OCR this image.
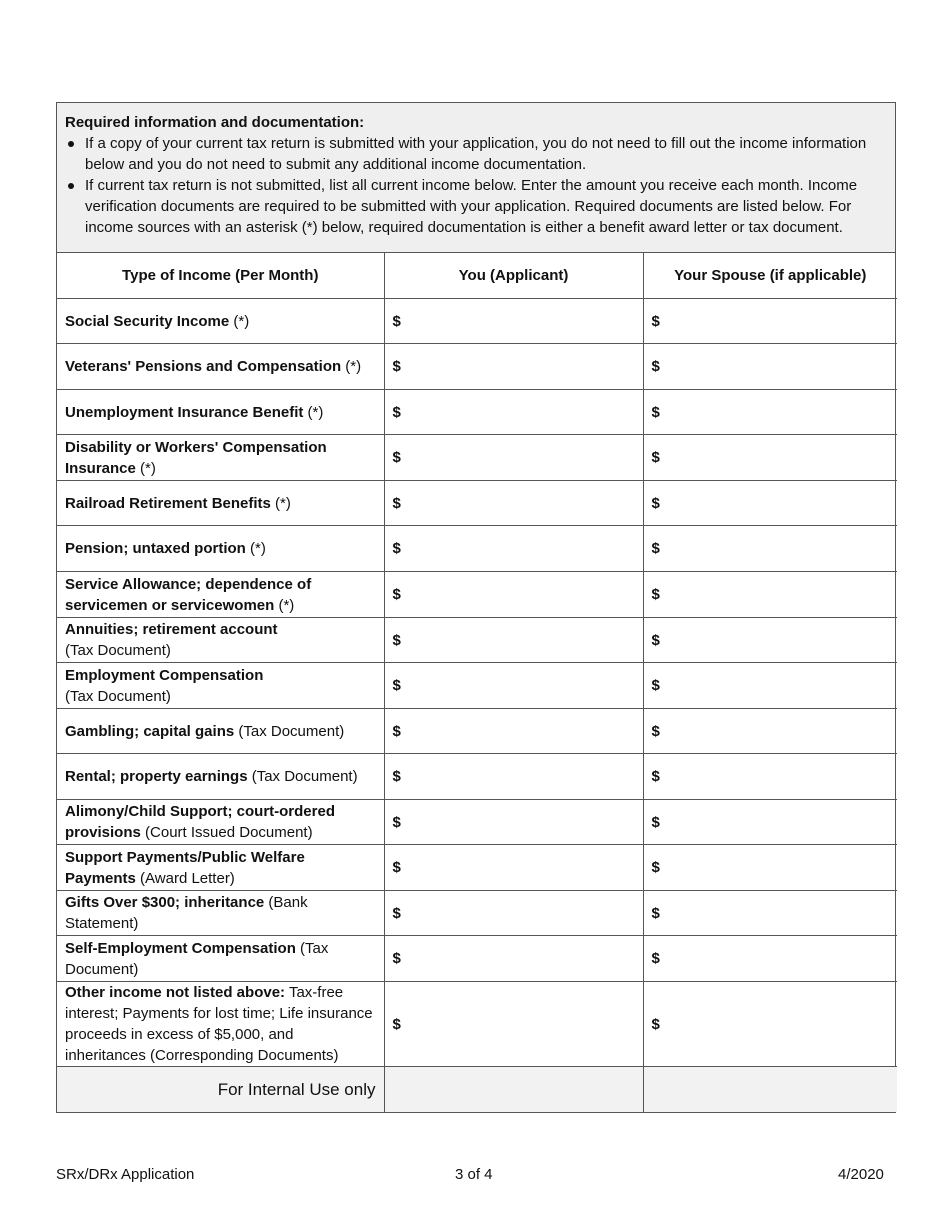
Required information and documentation:
If a copy of your current tax return is submitted with your application, you do not need to fill out the income information below and you do not need to submit any additional income documentation.
If current tax return is not submitted, list all current income below. Enter the amount you receive each month. Income verification documents are required to be submitted with your application. Required documents are listed below. For income sources with an asterisk (*) below, required documentation is either a benefit award letter or tax document.
Type of Income (Per Month)	You (Applicant)	Your Spouse (if applicable)
Social Security Income (*)	$	$
Veterans' Pensions and Compensation (*)	$	$
Unemployment Insurance Benefit (*)	$	$
Disability or Workers' Compensation Insurance (*)	$	$
Railroad Retirement Benefits (*)	$	$
Pension; untaxed portion (*)	$	$
Service Allowance; dependence of servicemen or servicewomen (*)	$	$
Annuities; retirement account
(Tax Document)	$	$
Employment Compensation
(Tax Document)	$	$
Gambling; capital gains (Tax Document)	$	$
Rental; property earnings (Tax Document)	$	$
Alimony/Child Support; court-ordered provisions (Court Issued Document)	$	$
Support Payments/Public Welfare Payments (Award Letter)	$	$
Gifts Over $300; inheritance (Bank Statement)	$	$
Self-Employment Compensation (Tax Document)	$	$
Other income not listed above: Tax-free interest; Payments for lost time; Life insurance proceeds in excess of $5,000, and inheritances (Corresponding Documents)	$	$
For Internal Use only		
SRx/DRx Application	3 of 4	4/2020
